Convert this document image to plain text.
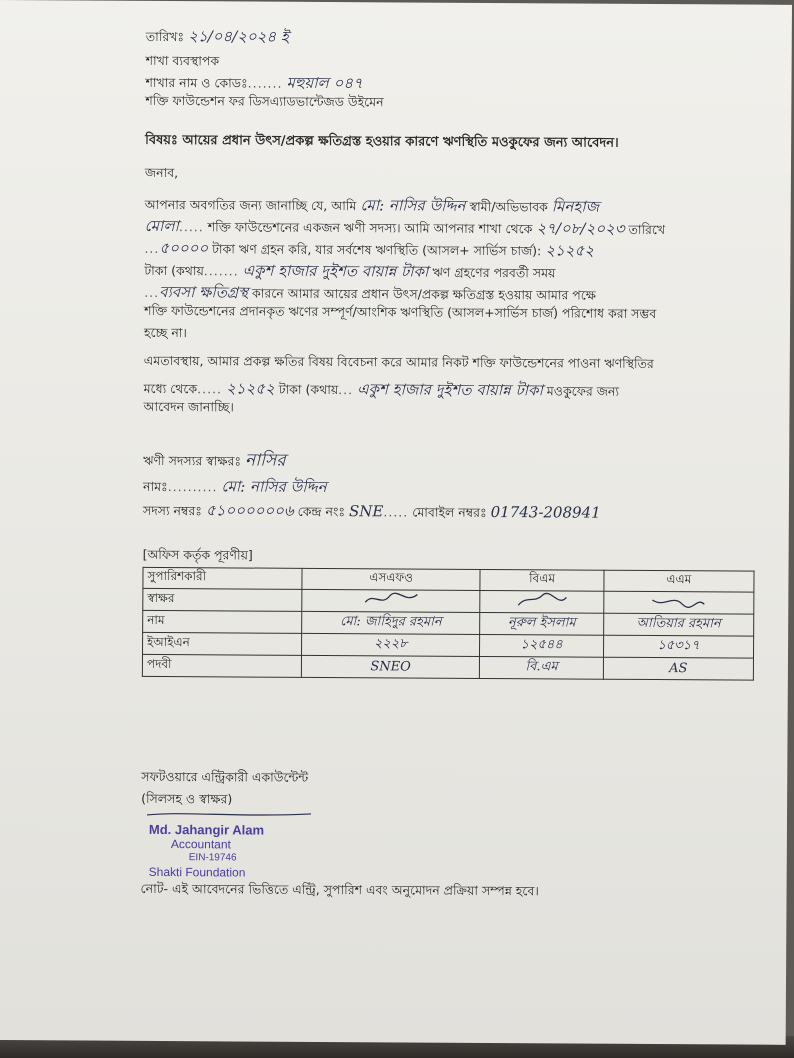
তারিখঃ ২১/০৪/২০২৪ ই
শাখা ব্যবস্থাপক
শাখার নাম ও কোডঃ....... মহুয়াল ০৪৭
শক্তি ফাউন্ডেশন ফর ডিসএ্যাডভান্টেজড উইমেন
বিষয়ঃ আয়ের প্রধান উৎস/প্রকল্প ক্ষতিগ্রস্ত হওয়ার কারণে ঋণস্থিতি মওকুফের জন্য আবেদন।
জনাব,
আপনার অবগতির জন্য জানাচ্ছি যে, আমি মো: নাসির উদ্দিন স্বামী/অভিভাবক মিনহাজ
মোলা..... শক্তি ফাউন্ডেশনের একজন ঋণী সদস্য। আমি আপনার শাখা থেকে ২৭/০৮/২০২৩ তারিখে
...৫০০০০ টাকা ঋণ গ্রহন করি, যার সর্বশেষ ঋণস্থিতি (আসল+ সার্ভিস চার্জ): ২১২৫২
টাকা (কথায়....... একুশ হাজার দুইশত বায়ান্ন টাকা ঋণ গ্রহণের পরবর্তী সময়
...ব্যবসা ক্ষতিগ্রস্থ কারনে আমার আয়ের প্রধান উৎস/প্রকল্প ক্ষতিগ্রস্ত হওয়ায় আমার পক্ষে
শক্তি ফাউন্ডেশনের প্রদানকৃত ঋণের সম্পূর্ণ/আংশিক ঋণস্থিতি (আসল+সার্ভিস চার্জ) পরিশোধ করা সম্ভব
হচ্ছে না।
এমতাবস্থায়, আমার প্রকল্প ক্ষতির বিষয় বিবেচনা করে আমার নিকট শক্তি ফাউন্ডেশনের পাওনা ঋণস্থিতির
মধ্যে থেকে..... ২১২৫২ টাকা (কথায়... একুশ হাজার দুইশত বায়ান্ন টাকা মওকুফের জন্য
আবেদন জানাচ্ছি।
ঋণী সদস্যর স্বাক্ষরঃ নাসির
নামঃ.......... মো: নাসির উদ্দিন
সদস্য নম্বরঃ ৫১০০০০০০৬ কেন্দ্র নংঃ SNE..... মোবাইল নম্বরঃ 01743-208941
[অফিস কর্তৃক পূরণীয়]
সুপারিশকারী	এসএফও	বিএম	এএম
স্বাক্ষর			
নাম	মো: জাহিদুর রহমান	নূরুল ইসলাম	আতিয়ার রহমান
ইআইএন	২২২৮	১২৫৪৪	১৫৩১৭
পদবী	SNEO	বি.এম	AS
সফটওয়ারে এন্ট্রিকারী একাউন্টেন্ট
(সিলসহ ও স্বাক্ষর)
Md. Jahangir Alam
Accountant
EIN-19746
Shakti Foundation
নোট- এই আবেদনের ভিত্তিতে এন্ট্রি, সুপারিশ এবং অনুমোদন প্রক্রিয়া সম্পন্ন হবে।
